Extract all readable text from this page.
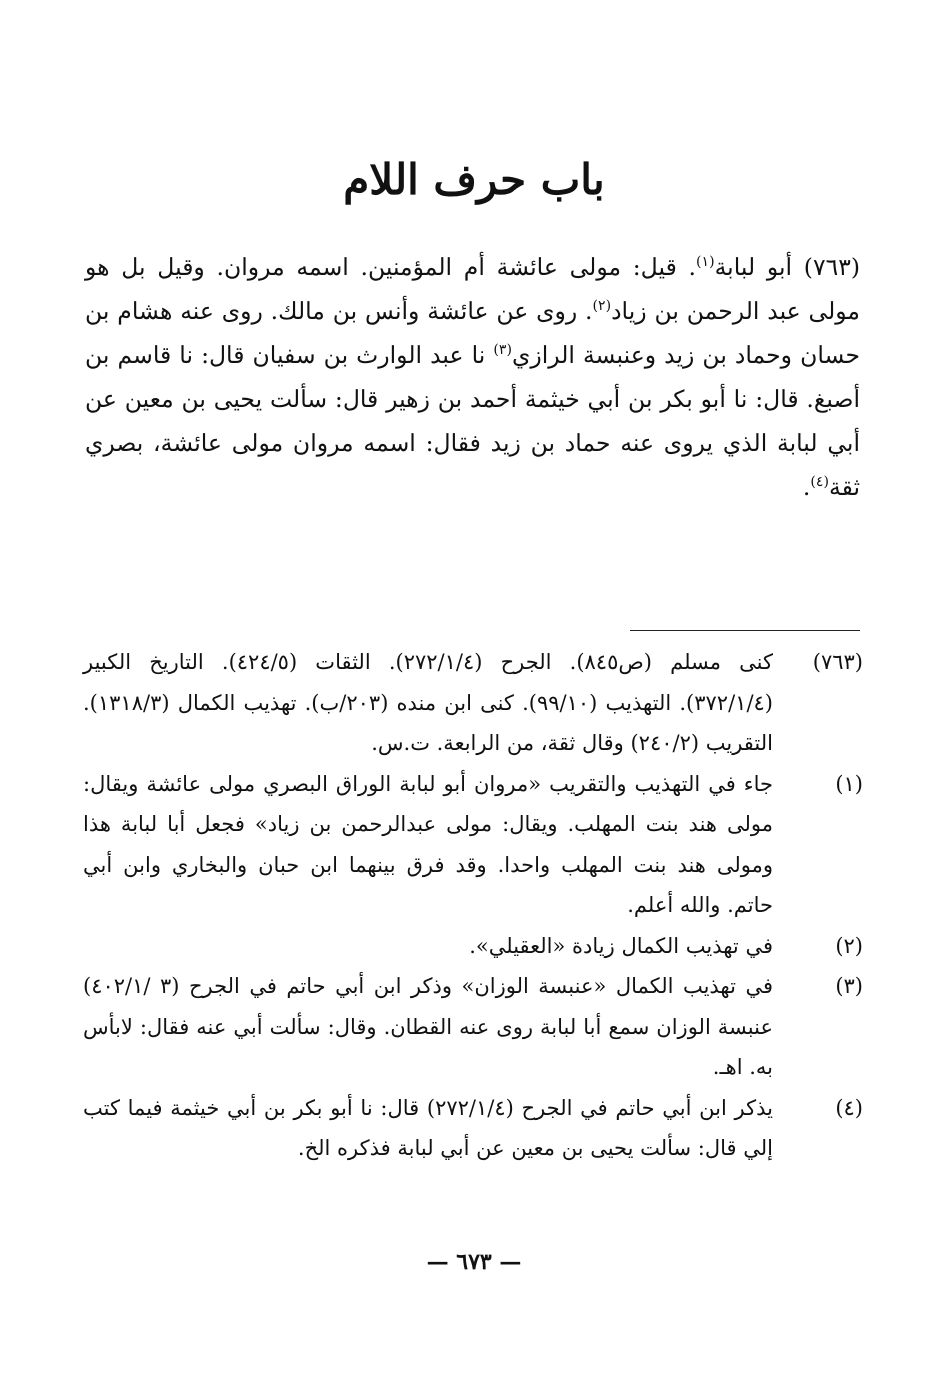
باب حرف اللام

(٧٦٣) أبو لبابة$^{(١)}$. قيل: مولى عائشة أم المؤمنين. اسمه مروان. وقيل بل هو مولى عبد الرحمن بن زياد$^{(٢)}$. روى عن عائشة وأنس بن مالك. روى عنه هشام بن حسان وحماد بن زيد وعنبسة الرازي$^{(٣)}$ نا عبد الوارث بن سفيان قال: نا قاسم بن أصبغ. قال: نا أبو بكر بن أبي خيثمة أحمد بن زهير قال: سألت يحيى بن معين عن أبي لبابة الذي يروى عنه حماد بن زيد فقال: اسمه مروان مولى عائشة، بصري ثقة$^{(٤)}$.

(٧٦٣)
كنى مسلم (ص٨٤٥). الجرح (٢٧٢/١/٤). الثقات (٤٢٤/٥). التاريخ الكبير (٣٧٢/١/٤). التهذيب (٩٩/١٠). كنى ابن منده (٢٠٣/ب). تهذيب الكمال (١٣١٨/٣). التقريب (٢٤٠/٢) وقال ثقة، من الرابعة. ت.س.
(١)
جاء في التهذيب والتقريب «مروان أبو لبابة الوراق البصري مولى عائشة ويقال: مولى هند بنت المهلب. ويقال: مولى عبدالرحمن بن زياد» فجعل أبا لبابة هذا ومولى هند بنت المهلب واحدا. وقد فرق بينهما ابن حبان والبخاري وابن أبي حاتم. والله أعلم.
(٢)
في تهذيب الكمال زيادة «العقيلي».
(٣)
في تهذيب الكمال «عنبسة الوزان» وذكر ابن أبي حاتم في الجرح (٣ /٤٠٢/١) عنبسة الوزان سمع أبا لبابة روى عنه القطان. وقال: سألت أبي عنه فقال: لابأس به. اهـ.
(٤)
يذكر ابن أبي حاتم في الجرح (٢٧٢/١/٤) قال: نا أبو بكر بن أبي خيثمة فيما كتب إلي قال: سألت يحيى بن معين عن أبي لبابة فذكره الخ.
— ٦٧٣ —
